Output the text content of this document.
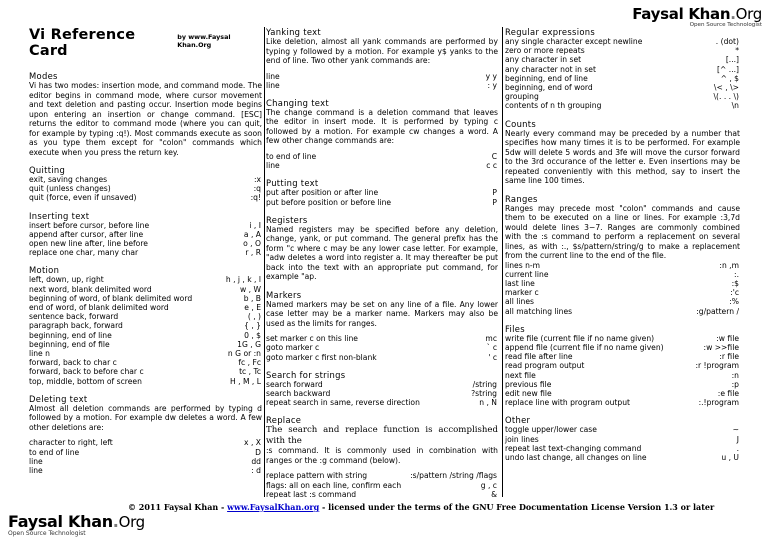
Faysal Khan.Org
Open Source Technologist
Vi Reference Card
by www.Faysal Khan.Org
Modes

Vi has two modes: insertion mode, and command mode. The editor begins in command mode, where cursor movement and text deletion and pasting occur. Insertion mode begins upon entering an insertion or change command. [ESC] returns the editor to command mode (where you can quit, for example by typing :q!). Most commands execute as soon as you type them except for "colon" commands which execute when you press the return key.

Quitting
exit, saving changes	:x
quit (unless changes)	:q
quit (force, even if unsaved)	:q!
Inserting text
insert before cursor, before line	i , I
append after cursor, after line	a , A
open new line after, line before	o , O
replace one char, many char	r , R
Motion
left, down, up, right	h , j , k , l
next word, blank delimited word	w , W
beginning of word, of blank delimited word	b , B
end of word, of blank delimited word	e , E
sentence back, forward	( , )
paragraph back, forward	{ , }
beginning, end of line	0 , $
beginning, end of file	1G , G
line n	n G or :n
forward, back to char c	fc , Fc
forward, back to before char c	tc , Tc
top, middle, bottom of screen	H , M , L
Deleting text

Almost all deletion commands are performed by typing d followed by a motion. For example dw deletes a word. A few other deletions are:

character to right, left	x , X
to end of line	D
line	dd
line	: d
Yanking text

Like deletion, almost all yank commands are performed by typing y followed by a motion. For example y$ yanks to the end of line. Two other yank commands are:

line	y y
line	: y
Changing text

The change command is a deletion command that leaves the editor in insert mode. It is performed by typing c followed by a motion. For example cw changes a word. A few other change commands are:

to end of line	C
line	c c
Putting text
put after position or after line	P
put before position or before line	P
Registers

Named registers may be specified before any deletion, change, yank, or put command. The general prefix has the form "c where c may be any lower case letter. For example, "adw deletes a word into register a. It may thereafter be put back into the text with an appropriate put command, for example "ap.

Markers

Named markers may be set on any line of a file. Any lower case letter may be a marker name. Markers may also be used as the limits for ranges.

set marker c on this line	mc
goto marker c	` c
goto marker c first non-blank	' c
Search for strings
search forward	/string
search backward	?string
repeat search in same, reverse direction	n , N
Replace

The search and replace function is accomplished with the

:s command. It is commonly used in combination with ranges or the :g command (below).

replace pattern with string	:s/pattern /string /flags
flags: all on each line, confirm each	g , c
repeat last :s command	&
Regular expressions
any single character except newline	. (dot)
zero or more repeats	*
any character in set	[...]
any character not in set	[^ ...]
beginning, end of line	^ , $
beginning, end of word	\< , \>
grouping	\(. . . \)
contents of n th grouping	\n
Counts

Nearly every command may be preceded by a number that specifies how many times it is to be performed. For example 5dw will delete 5 words and 3fe will move the cursor forward to the 3rd occurance of the letter e. Even insertions may be repeated conveniently with this method, say to insert the same line 100 times.

Ranges

Ranges may precede most "colon" commands and cause them to be executed on a line or lines. For example :3,7d would delete lines 3−7. Ranges are commonly combined with the :s command to perform a replacement on several lines, as with :., $s/pattern/string/g to make a replacement from the current line to the end of the file.

lines n-m	:n ,m
current line	:.
last line	:$
marker c	:'c
all lines	:%
all matching lines	:g/pattern /
Files
write file (current file if no name given)	:w file
append file (current file if no name given)	:w >>file
read file after line	:r file
read program output	:r !program
next file	:n
previous file	:p
edit new file	:e file
replace line with program output	:.!program
Other
toggle upper/lower case	~
join lines	J
repeat last text-changing command	.
undo last change, all changes on line	u , U
© 2011 Faysal Khan - www.FaysalKhan.org - licensed under the terms of the GNU Free Documentation License Version 1.3 or later
Faysal Khan.Org
Open Source Technologist
